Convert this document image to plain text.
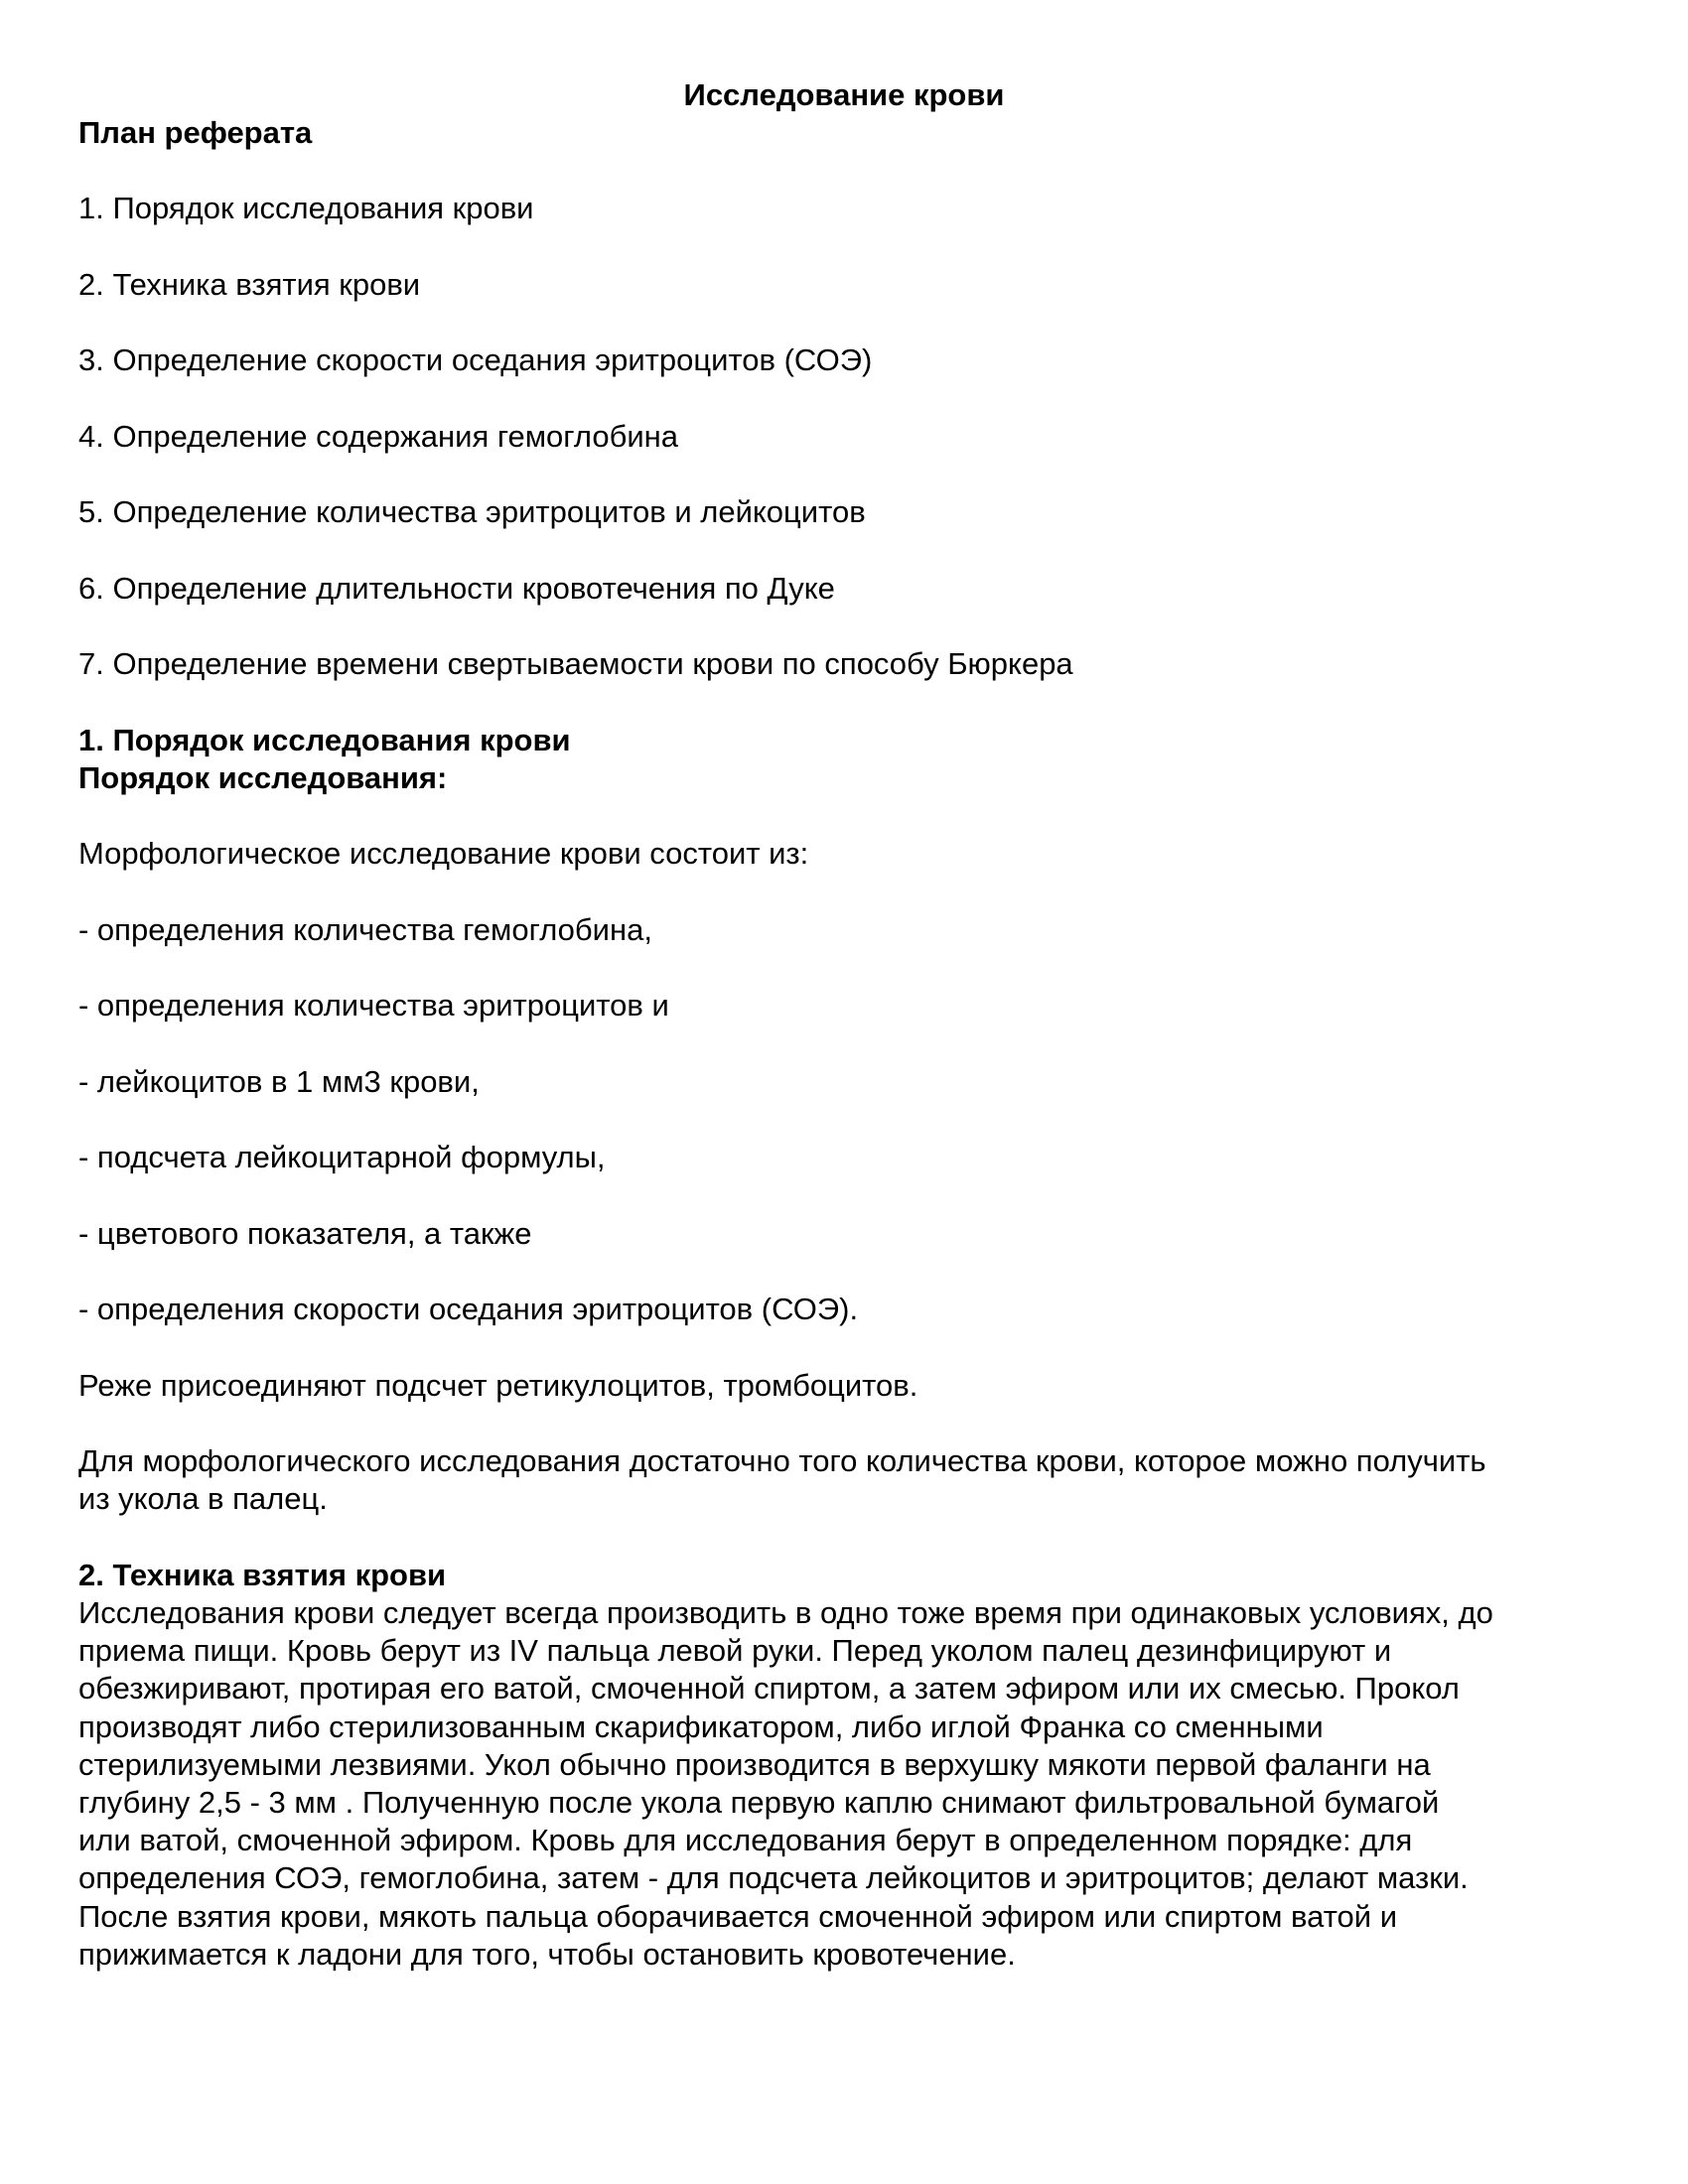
Исследование крови

План реферата

1. Порядок исследования крови

2. Техника взятия крови

3. Определение скорости оседания эритроцитов (СОЭ)

4. Определение содержания гемоглобина

5. Определение количества эритроцитов и лейкоцитов

6. Определение длительности кровотечения по Дуке

7. Определение времени свертываемости крови по способу Бюркера

1. Порядок исследования крови

Порядок исследования:

Морфологическое исследование крови состоит из:

- определения количества гемоглобина,

- определения количества эритроцитов и

- лейкоцитов в 1 мм3 крови,

- подсчета лейкоцитарной формулы,

- цветового показателя, а также

- определения скорости оседания эритроцитов (СОЭ).

Реже присоединяют подсчет ретикулоцитов, тромбоцитов.

Для морфологического исследования достаточно того количества крови, которое можно получить
из укола в палец.

2. Техника взятия крови

Исследования крови следует всегда производить в одно тоже время при одинаковых условиях, до
приема пищи. Кровь берут из IV пальца левой руки. Перед уколом палец дезинфицируют и
обезжиривают, протирая его ватой, смоченной спиртом, а затем эфиром или их смесью. Прокол
производят либо стерилизованным скарификатором, либо иглой Франка со сменными
стерилизуемыми лезвиями. Укол обычно производится в верхушку мякоти первой фаланги на
глубину 2,5 - 3 мм . Полученную после укола первую каплю снимают фильтровальной бумагой
или ватой, смоченной эфиром. Кровь для исследования берут в определенном порядке: для
определения СОЭ, гемоглобина, затем - для подсчета лейкоцитов и эритроцитов; делают мазки.
После взятия крови, мякоть пальца оборачивается смоченной эфиром или спиртом ватой и
прижимается к ладони для того, чтобы остановить кровотечение.
